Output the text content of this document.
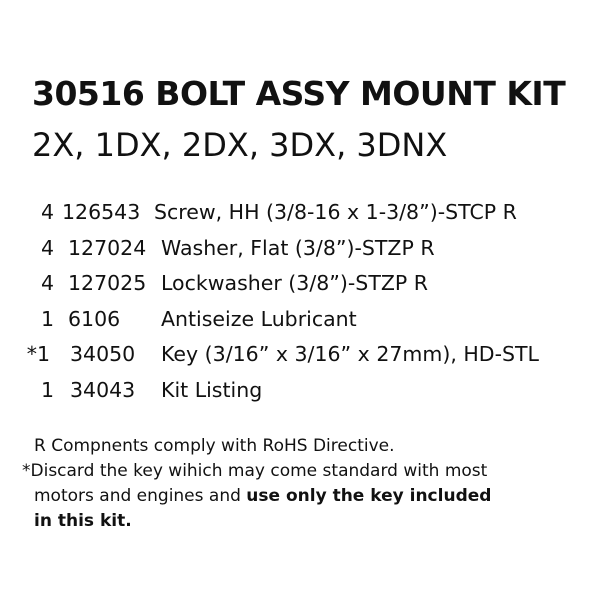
30516 BOLT ASSY MOUNT KIT
2X, 1DX, 2DX, 3DX, 3DNX
4 126543 Screw, HH (3/8-16 x 1-3/8”)-STCP R
4 127024 Washer, Flat (3/8”)-STZP R
4 127025 Lockwasher (3/8”)-STZP R
1 6106 Antiseize Lubricant
*1 34050 Key (3/16” x 3/16” x 27mm), HD-STL
1 34043 Kit Listing
R Compnents comply with RoHS Directive.
*Discard the key wihich may come standard with most
motors and engines and use only the key included
in this kit.
